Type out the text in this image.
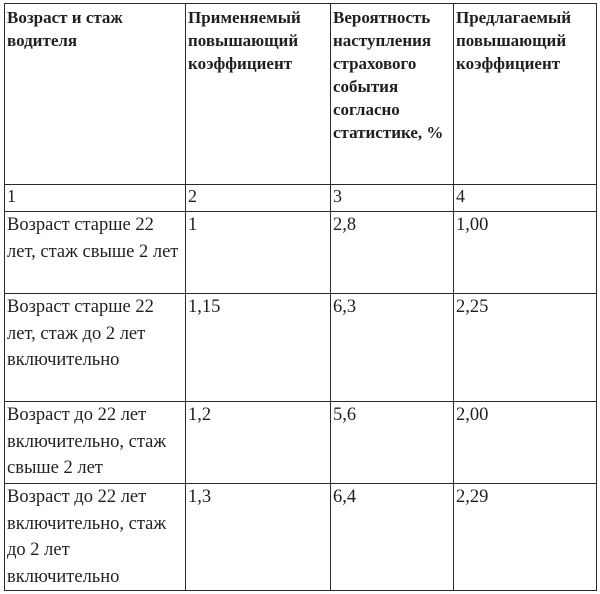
Возраст и стаж водителя	Применяемый повышающий коэффициент	Вероятность наступления страхового события согласно статистике, %	Предлагаемый повышающий коэффициент
1	2	3	4
Возраст старше 22 лет, стаж свыше 2 лет	1	2,8	1,00
Возраст старше 22 лет, стаж до 2 лет включительно	1,15	6,3	2,25
Возраст до 22 лет включительно, стаж свыше 2 лет	1,2	5,6	2,00
Возраст до 22 лет включительно, стаж до 2 лет включительно	1,3	6,4	2,29
